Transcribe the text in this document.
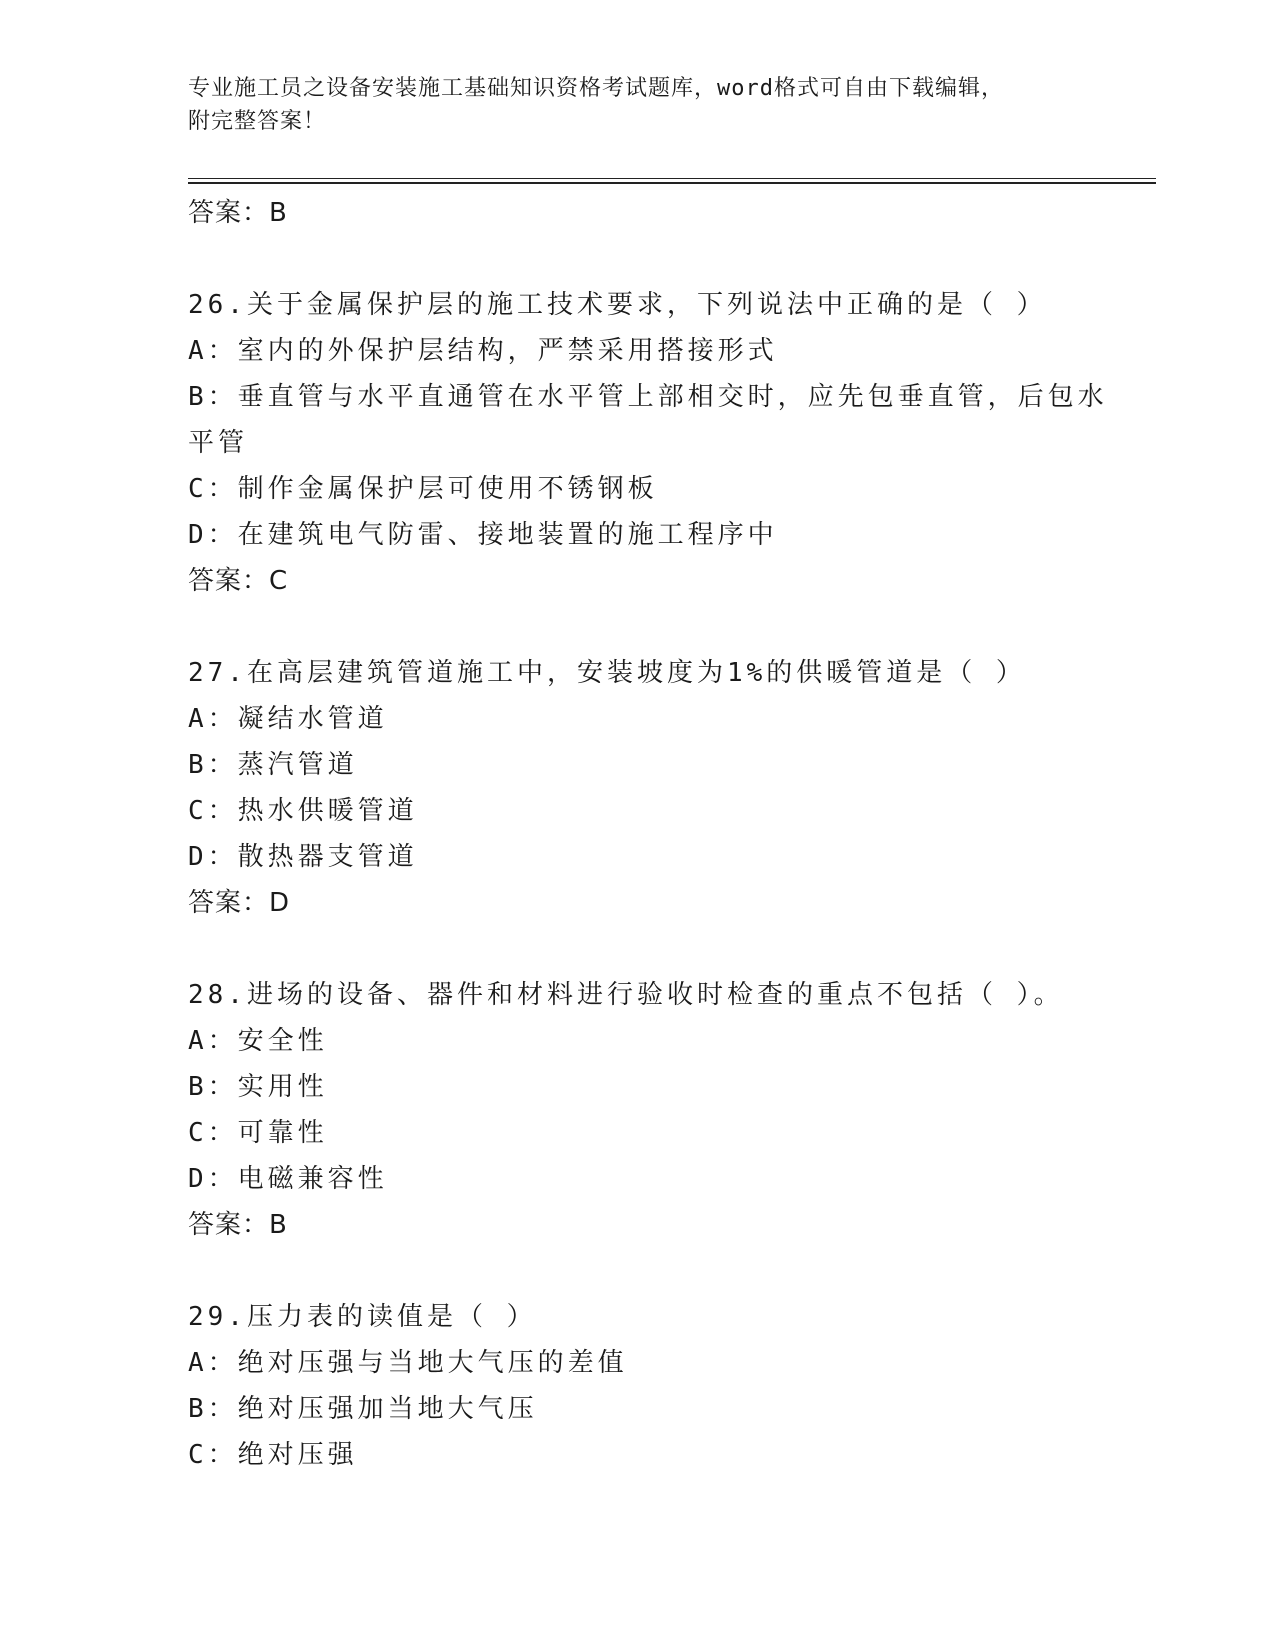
专业施工员之设备安装施工基础知识资格考试题库，word格式可自由下载编辑，
附完整答案！
答案：B
26.关于金属保护层的施工技术要求，下列说法中正确的是（ ）
A：室内的外保护层结构，严禁采用搭接形式
B：垂直管与水平直通管在水平管上部相交时，应先包垂直管，后包水
平管
C：制作金属保护层可使用不锈钢板
D：在建筑电气防雷、接地装置的施工程序中
答案：C
27.在高层建筑管道施工中，安装坡度为1%的供暖管道是（ ）
A：凝结水管道
B：蒸汽管道
C：热水供暖管道
D：散热器支管道
答案：D
28.进场的设备、器件和材料进行验收时检查的重点不包括（ ）。
A：安全性
B：实用性
C：可靠性
D：电磁兼容性
答案：B
29.压力表的读值是（ ）
A：绝对压强与当地大气压的差值
B：绝对压强加当地大气压
C：绝对压强
